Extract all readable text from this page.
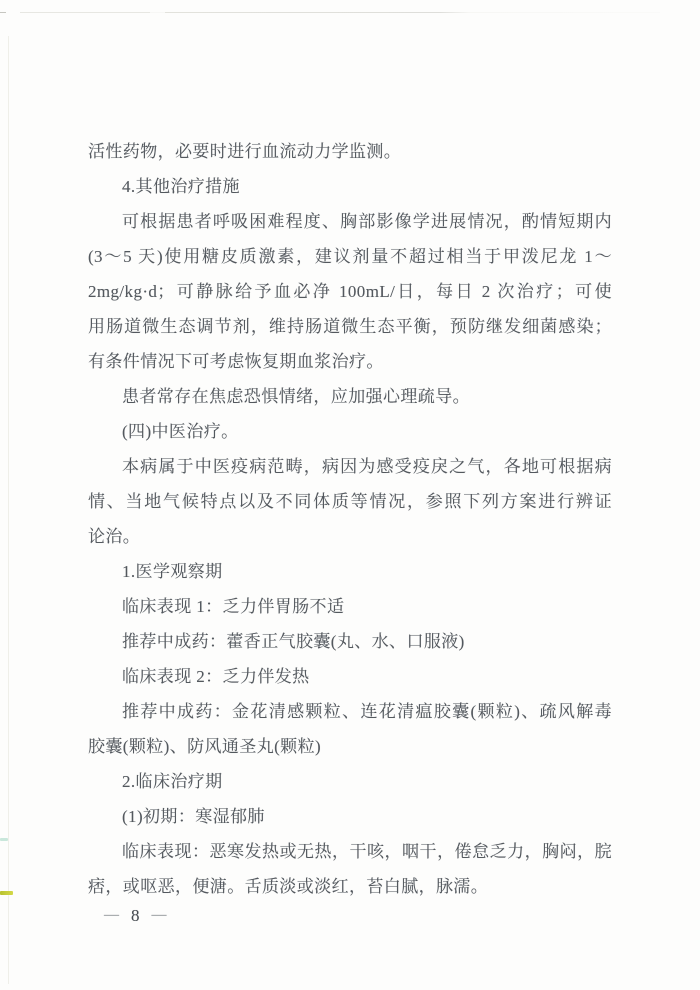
活性药物，必要时进行血流动力学监测。
4.其他治疗措施
可根据患者呼吸困难程度、胸部影像学进展情况，酌情短期内
(3～5 天)使用糖皮质激素，建议剂量不超过相当于甲泼尼龙 1～
2mg/kg·d；可静脉给予血必净 100mL/日，每日 2 次治疗；可使
用肠道微生态调节剂，维持肠道微生态平衡，预防继发细菌感染；
有条件情况下可考虑恢复期血浆治疗。
患者常存在焦虑恐惧情绪，应加强心理疏导。
(四)中医治疗。
本病属于中医疫病范畴，病因为感受疫戾之气，各地可根据病
情、当地气候特点以及不同体质等情况，参照下列方案进行辨证
论治。
1.医学观察期
临床表现 1：乏力伴胃肠不适
推荐中成药：藿香正气胶囊(丸、水、口服液)
临床表现 2：乏力伴发热
推荐中成药：金花清感颗粒、连花清瘟胶囊(颗粒)、疏风解毒
胶囊(颗粒)、防风通圣丸(颗粒)
2.临床治疗期
(1)初期：寒湿郁肺
临床表现：恶寒发热或无热，干咳，咽干，倦怠乏力，胸闷，脘
痞，或呕恶，便溏。舌质淡或淡红，苔白腻，脉濡。
— 8 —
